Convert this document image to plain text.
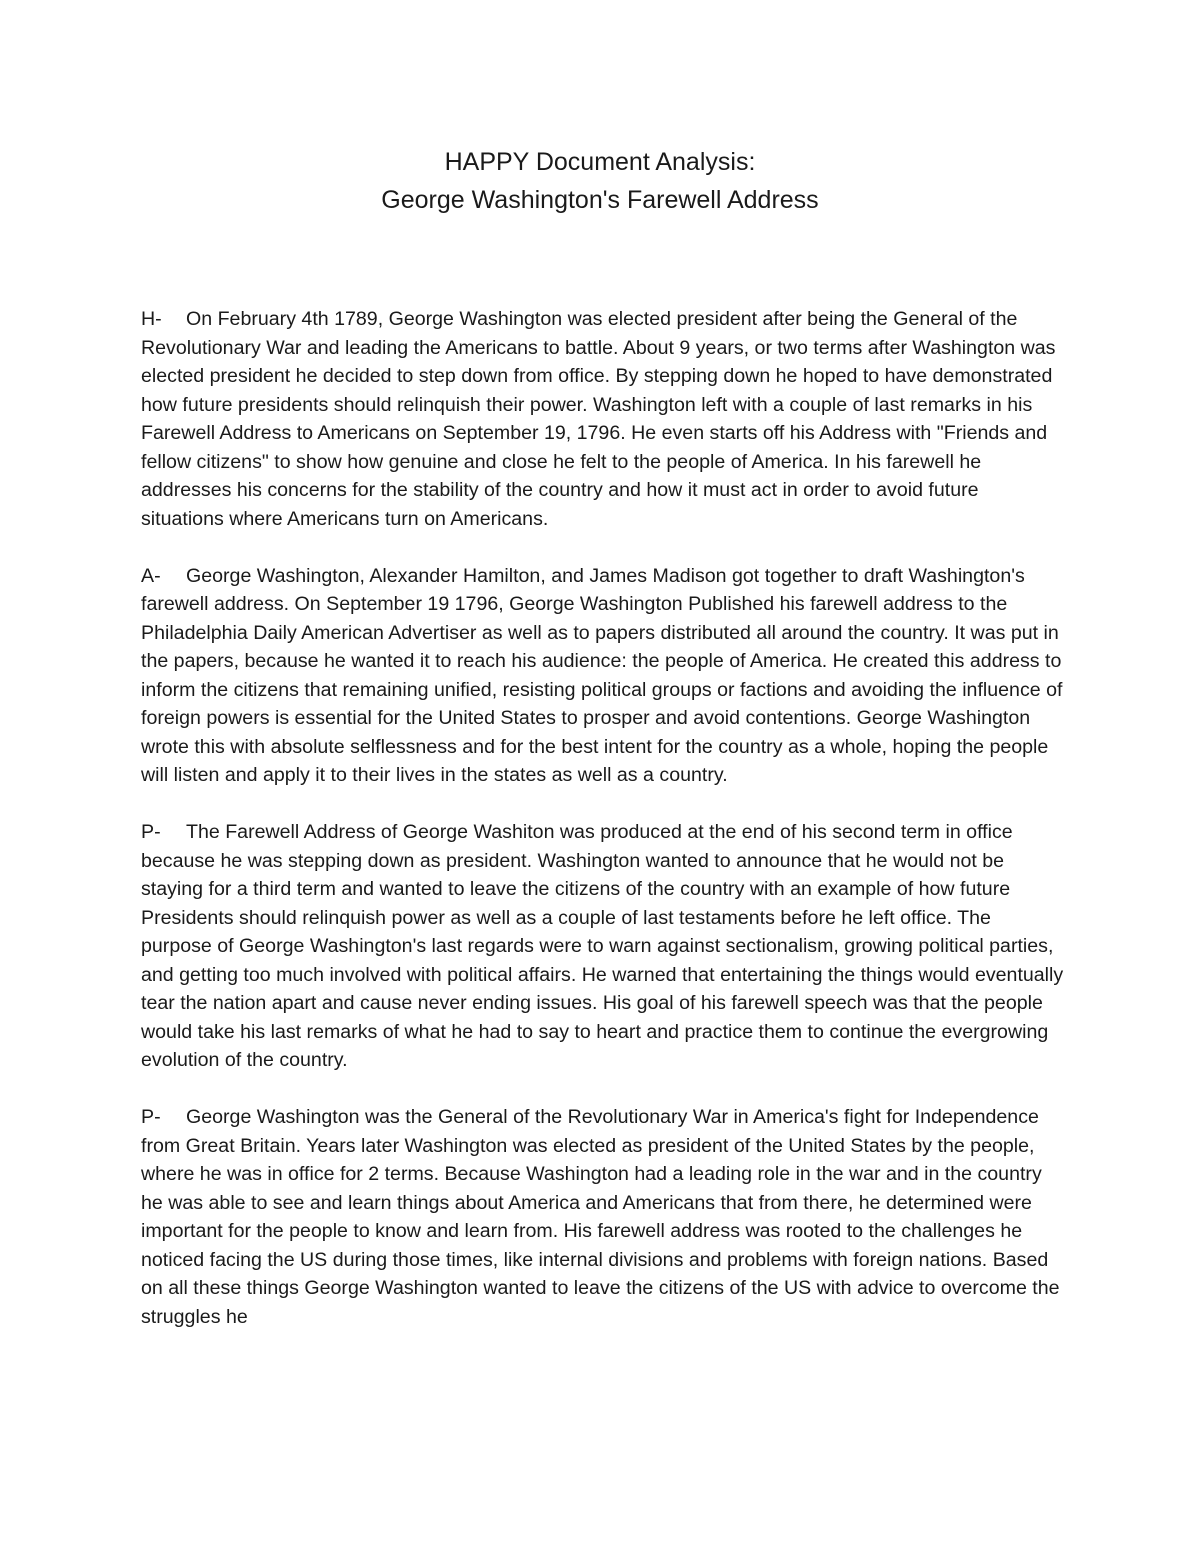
HAPPY Document Analysis:
George Washington's Farewell Address

H- On February 4th 1789, George Washington was elected president after being the General of the Revolutionary War and leading the Americans to battle. About 9 years, or two terms after Washington was elected president he decided to step down from office. By stepping down he hoped to have demonstrated how future presidents should relinquish their power. Washington left with a couple of last remarks in his Farewell Address to Americans on September 19, 1796. He even starts off his Address with "Friends and fellow citizens" to show how genuine and close he felt to the people of America. In his farewell he addresses his concerns for the stability of the country and how it must act in order to avoid future situations where Americans turn on Americans.

A- George Washington, Alexander Hamilton, and James Madison got together to draft Washington's farewell address. On September 19 1796, George Washington Published his farewell address to the Philadelphia Daily American Advertiser as well as to papers distributed all around the country. It was put in the papers, because he wanted it to reach his audience: the people of America. He created this address to inform the citizens that remaining unified, resisting political groups or factions and avoiding the influence of foreign powers is essential for the United States to prosper and avoid contentions. George Washington wrote this with absolute selflessness and for the best intent for the country as a whole, hoping the people will listen and apply it to their lives in the states as well as a country.

P- The Farewell Address of George Washiton was produced at the end of his second term in office because he was stepping down as president. Washington wanted to announce that he would not be staying for a third term and wanted to leave the citizens of the country with an example of how future Presidents should relinquish power as well as a couple of last testaments before he left office. The purpose of George Washington's last regards were to warn against sectionalism, growing political parties, and getting too much involved with political affairs. He warned that entertaining the things would eventually tear the nation apart and cause never ending issues. His goal of his farewell speech was that the people would take his last remarks of what he had to say to heart and practice them to continue the evergrowing evolution of the country.

P- George Washington was the General of the Revolutionary War in America's fight for Independence from Great Britain. Years later Washington was elected as president of the United States by the people, where he was in office for 2 terms. Because Washington had a leading role in the war and in the country he was able to see and learn things about America and Americans that from there, he determined were important for the people to know and learn from. His farewell address was rooted to the challenges he noticed facing the US during those times, like internal divisions and problems with foreign nations. Based on all these things George Washington wanted to leave the citizens of the US with advice to overcome the struggles he
